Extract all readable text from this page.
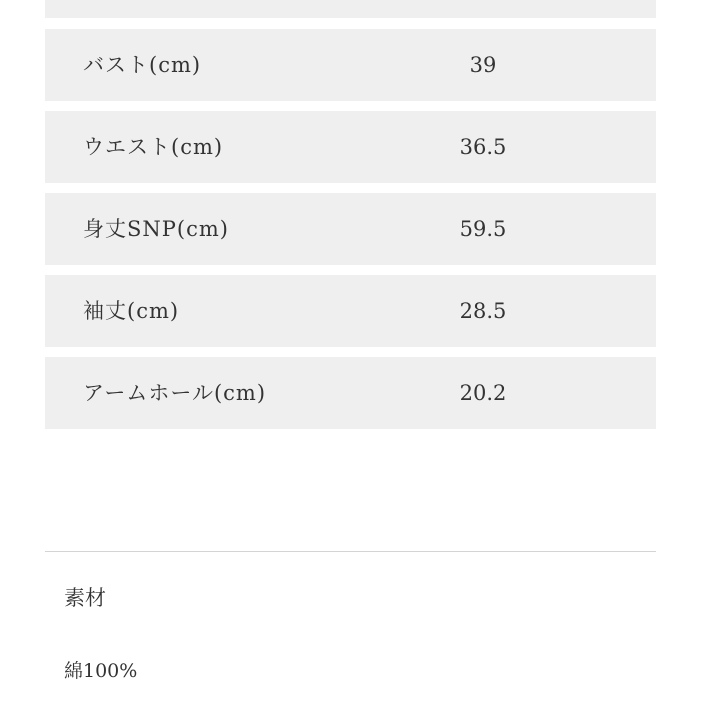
バスト(cm)	39
ウエスト(cm)	36.5
身丈SNP(cm)	59.5
袖丈(cm)	28.5
アームホール(cm)	20.2
素材
綿100%
